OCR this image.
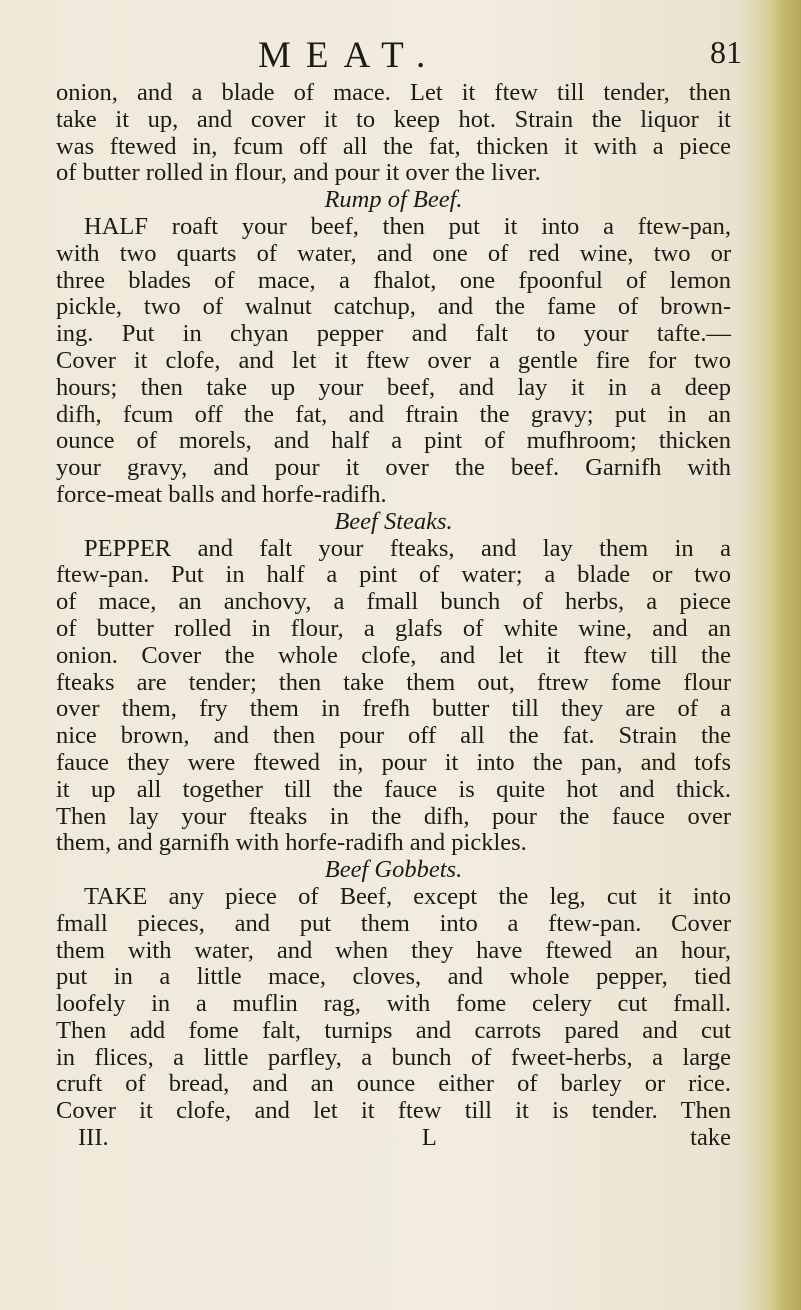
MEAT.	81
onion, and a blade of mace. Let it ftew till tender, then
take it up, and cover it to keep hot. Strain the liquor it
was ftewed in, fcum off all the fat, thicken it with a piece
of butter rolled in flour, and pour it over the liver.
Rump of Beef.
HALF roaft your beef, then put it into a ftew-pan,
with two quarts of water, and one of red wine, two or
three blades of mace, a fhalot, one fpoonful of lemon
pickle, two of walnut catchup, and the fame of brown-
ing. Put in chyan pepper and falt to your tafte.—
Cover it clofe, and let it ftew over a gentle fire for two
hours; then take up your beef, and lay it in a deep
difh, fcum off the fat, and ftrain the gravy; put in an
ounce of morels, and half a pint of mufhroom; thicken
your gravy, and pour it over the beef. Garnifh with
force-meat balls and horfe-radifh.
Beef Steaks.
PEPPER and falt your fteaks, and lay them in a
ftew-pan. Put in half a pint of water; a blade or two
of mace, an anchovy, a fmall bunch of herbs, a piece
of butter rolled in flour, a glafs of white wine, and an
onion. Cover the whole clofe, and let it ftew till the
fteaks are tender; then take them out, ftrew fome flour
over them, fry them in frefh butter till they are of a
nice brown, and then pour off all the fat. Strain the
fauce they were ftewed in, pour it into the pan, and tofs
it up all together till the fauce is quite hot and thick.
Then lay your fteaks in the difh, pour the fauce over
them, and garnifh with horfe-radifh and pickles.
Beef Gobbets.
TAKE any piece of Beef, except the leg, cut it into
fmall pieces, and put them into a ftew-pan. Cover
them with water, and when they have ftewed an hour,
put in a little mace, cloves, and whole pepper, tied
loofely in a muflin rag, with fome celery cut fmall.
Then add fome falt, turnips and carrots pared and cut
in flices, a little parfley, a bunch of fweet-herbs, a large
cruft of bread, and an ounce either of barley or rice.
Cover it clofe, and let it ftew till it is tender. Then
III.	L	take
